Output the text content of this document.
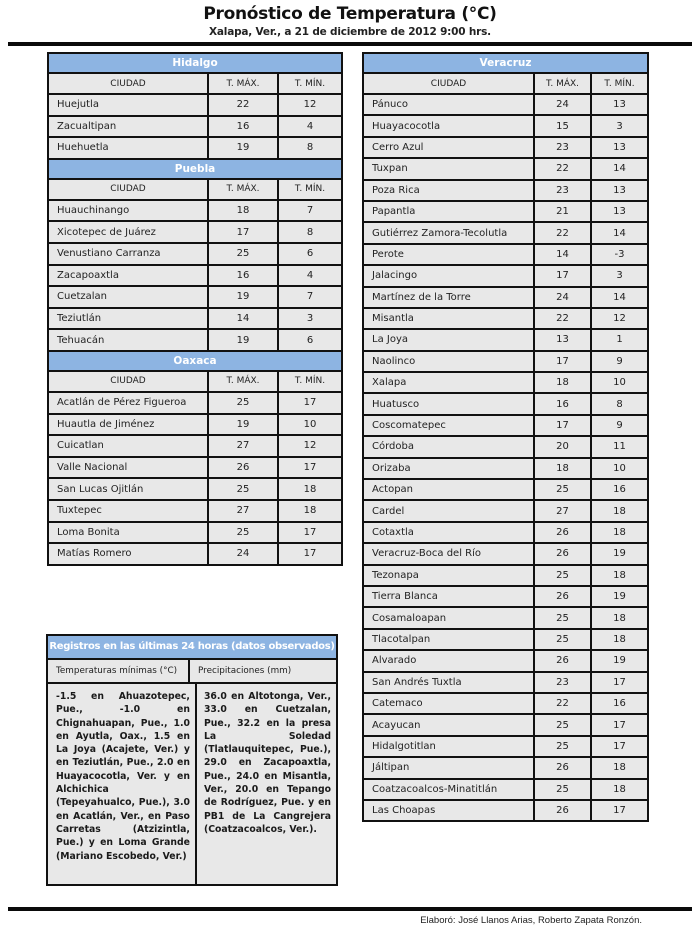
Pronóstico de Temperatura (°C)
Xalapa, Ver., a 21 de diciembre de 2012 9:00 hrs.
Hidalgo		
CIUDAD	T. MÁX.	T. MÍN.
Huejutla	22	12
Zacualtipan	16	4
Huehuetla	19	8
Puebla		
CIUDAD	T. MÁX.	T. MÍN.
Huauchinango	18	7
Xicotepec de Juárez	17	8
Venustiano Carranza	25	6
Zacapoaxtla	16	4
Cuetzalan	19	7
Teziutlán	14	3
Tehuacán	19	6
Oaxaca		
CIUDAD	T. MÁX.	T. MÍN.
Acatlán de Pérez Figueroa	25	17
Huautla de Jiménez	19	10
Cuicatlan	27	12
Valle Nacional	26	17
San Lucas Ojitlán	25	18
Tuxtepec	27	18
Loma Bonita	25	17
Matías Romero	24	17
Veracruz		
CIUDAD	T. MÁX.	T. MÍN.
Pánuco	24	13
Huayacocotla	15	3
Cerro Azul	23	13
Tuxpan	22	14
Poza Rica	23	13
Papantla	21	13
Gutiérrez Zamora-Tecolutla	22	14
Perote	14	-3
Jalacingo	17	3
Martínez de la Torre	24	14
Misantla	22	12
La Joya	13	1
Naolinco	17	9
Xalapa	18	10
Huatusco	16	8
Coscomatepec	17	9
Córdoba	20	11
Orizaba	18	10
Actopan	25	16
Cardel	27	18
Cotaxtla	26	18
Veracruz-Boca del Río	26	19
Tezonapa	25	18
Tierra Blanca	26	19
Cosamaloapan	25	18
Tlacotalpan	25	18
Alvarado	26	19
San Andrés Tuxtla	23	17
Catemaco	22	16
Acayucan	25	17
Hidalgotitlan	25	17
Jáltipan	26	18
Coatzacoalcos-Minatitlán	25	18
Las Choapas	26	17
Registros en las últimas 24 horas (datos observados)
Temperaturas mínimas (°C)	Precipitaciones (mm)
-1.5 en Ahuazotepec, Pue., -1.0 en Chignahuapan, Pue., 1.0 en Ayutla, Oax., 1.5 en La Joya (Acajete, Ver.) y en Teziutlán, Pue., 2.0 en Huayacocotla, Ver. y en Alchichica (Tepeyahualco, Pue.), 3.0 en Acatlán, Ver., en Paso Carretas (Atzizintla, Pue.) y en Loma Grande (Mariano Escobedo, Ver.)
36.0 en Altotonga, Ver., 33.0 en Cuetzalan, Pue., 32.2 en la presa La Soledad (Tlatlauquitepec, Pue.), 29.0 en Zacapoaxtla, Pue., 24.0 en Misantla, Ver., 20.0 en Tepango de Rodríguez, Pue. y en PB1 de La Cangrejera (Coatzacoalcos, Ver.).
Elaboró: José Llanos Arias, Roberto Zapata Ronzón.
